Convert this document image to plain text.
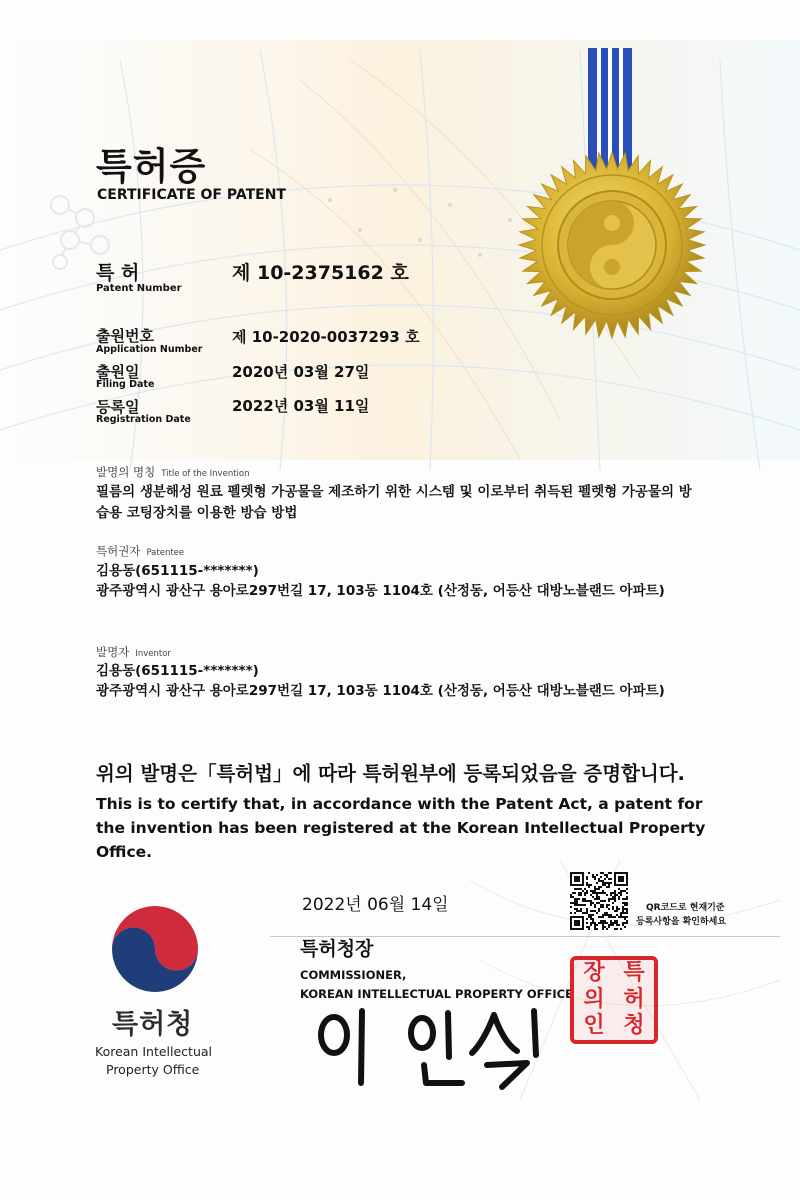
특허증
CERTIFICATE OF PATENT
특 허
Patent Number
제 10-2375162 호
출원번호
Application Number
제 10-2020-0037293 호
출원일
Filing Date
2020년 03월 27일
등록일
Registration Date
2022년 03월 11일
발명의 명칭 Title of the Invention
필름의 생분해성 원료 펠렛형 가공물을 제조하기 위한 시스템 및 이로부터 취득된 펠렛형 가공물의 방
습용 코팅장치를 이용한 방습 방법
특허권자 Patentee
김용동(651115-*******)
광주광역시 광산구 용아로297번길 17, 103동 1104호 (산정동, 어등산 대방노블랜드 아파트)
발명자 Inventor
김용동(651115-*******)
광주광역시 광산구 용아로297번길 17, 103동 1104호 (산정동, 어등산 대방노블랜드 아파트)
위의 발명은「특허법」에 따라 특허원부에 등록되었음을 증명합니다.
This is to certify that, in accordance with the Patent Act, a patent for the invention has been registered at the Korean Intellectual Property Office.
2022년 06월 14일
특허청장
COMMISSIONER,
KOREAN INTELLECTUAL PROPERTY OFFICE
QR코드로 현재기준
등록사항을 확인하세요
장 특
의 허
인 청
특허청
Korean Intellectual
Property Office
